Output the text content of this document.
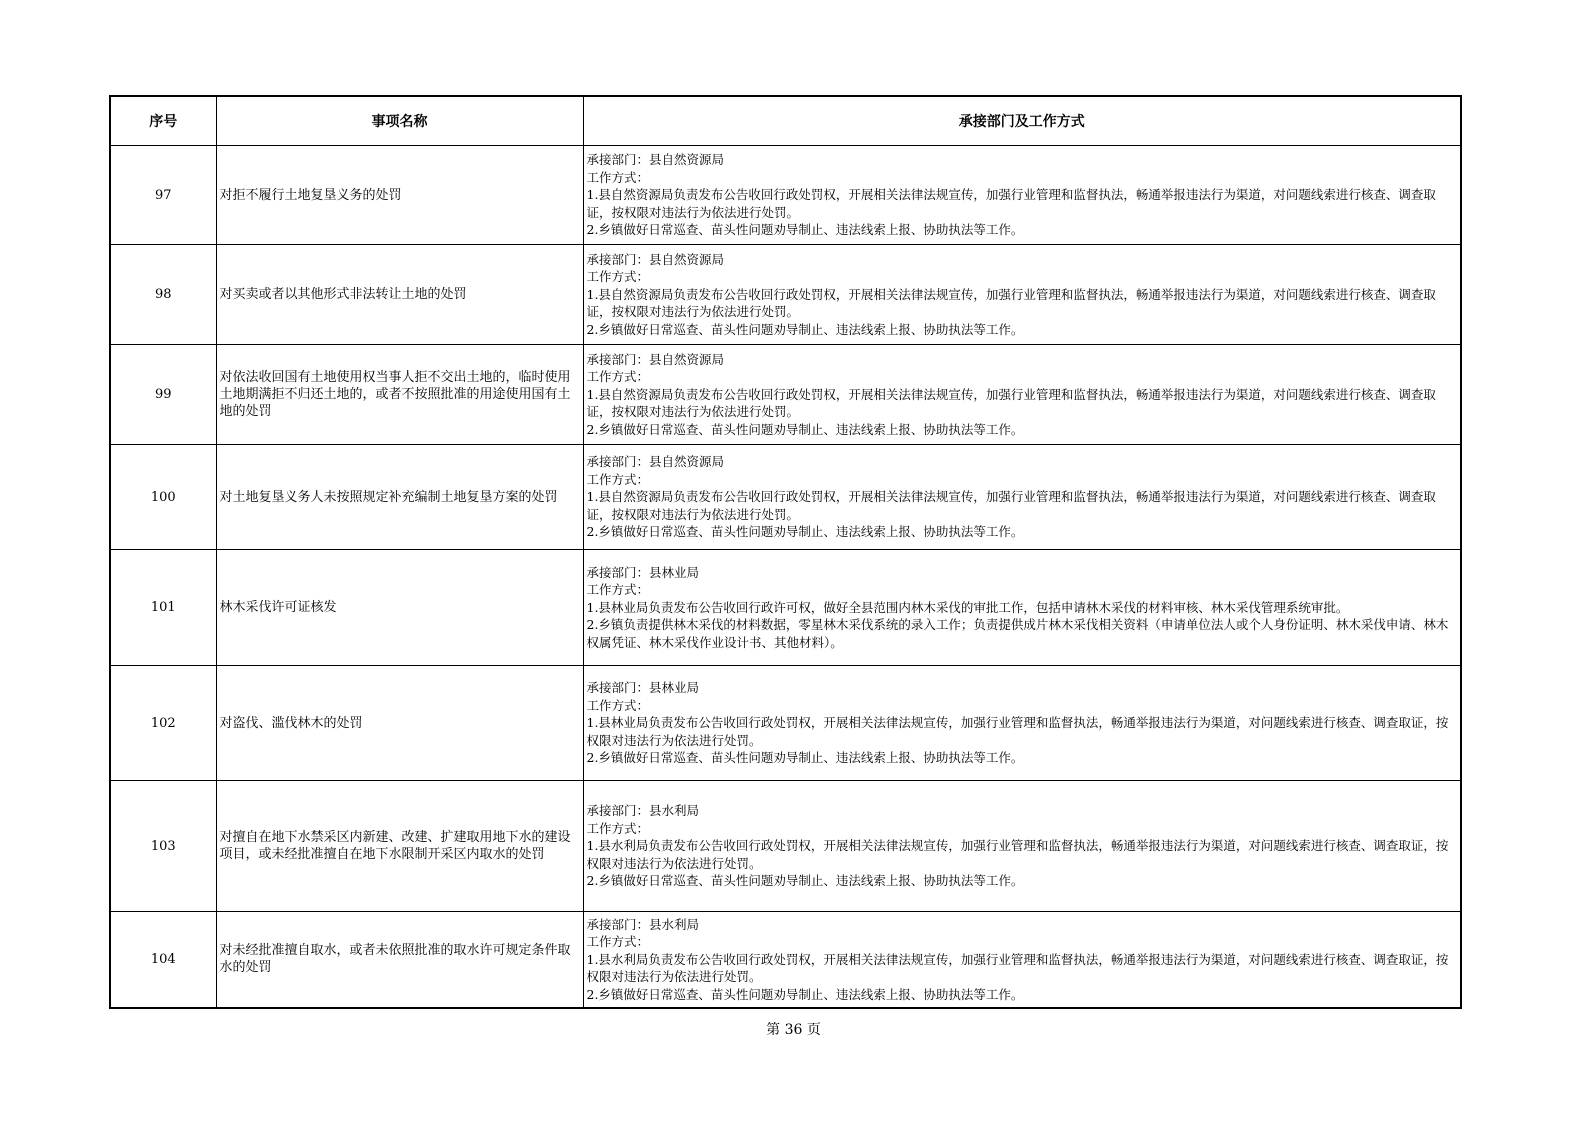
序号	事项名称	承接部门及工作方式
97	对拒不履行土地复垦义务的处罚	承接部门：县自然资源局
工作方式：
1.县自然资源局负责发布公告收回行政处罚权，开展相关法律法规宣传，加强行业管理和监督执法，畅通举报违法行为渠道，对问题线索进行核查、调查取证，按权限对违法行为依法进行处罚。
2.乡镇做好日常巡查、苗头性问题劝导制止、违法线索上报、协助执法等工作。

98	对买卖或者以其他形式非法转让土地的处罚	承接部门：县自然资源局
工作方式：
1.县自然资源局负责发布公告收回行政处罚权，开展相关法律法规宣传，加强行业管理和监督执法，畅通举报违法行为渠道，对问题线索进行核查、调查取证，按权限对违法行为依法进行处罚。
2.乡镇做好日常巡查、苗头性问题劝导制止、违法线索上报、协助执法等工作。

99	对依法收回国有土地使用权当事人拒不交出土地的，临时使用土地期满拒不归还土地的，或者不按照批准的用途使用国有土地的处罚	承接部门：县自然资源局
工作方式：
1.县自然资源局负责发布公告收回行政处罚权，开展相关法律法规宣传，加强行业管理和监督执法，畅通举报违法行为渠道，对问题线索进行核查、调查取证，按权限对违法行为依法进行处罚。
2.乡镇做好日常巡查、苗头性问题劝导制止、违法线索上报、协助执法等工作。

100	对土地复垦义务人未按照规定补充编制土地复垦方案的处罚	承接部门：县自然资源局
工作方式：
1.县自然资源局负责发布公告收回行政处罚权，开展相关法律法规宣传，加强行业管理和监督执法，畅通举报违法行为渠道，对问题线索进行核查、调查取证，按权限对违法行为依法进行处罚。
2.乡镇做好日常巡查、苗头性问题劝导制止、违法线索上报、协助执法等工作。

101	林木采伐许可证核发	承接部门：县林业局
工作方式：
1.县林业局负责发布公告收回行政许可权，做好全县范围内林木采伐的审批工作，包括申请林木采伐的材料审核、林木采伐管理系统审批。
2.乡镇负责提供林木采伐的材料数据，零星林木采伐系统的录入工作；负责提供成片林木采伐相关资料（申请单位法人或个人身份证明、林木采伐申请、林木权属凭证、林木采伐作业设计书、其他材料）。

102	对盗伐、滥伐林木的处罚	承接部门：县林业局
工作方式：
1.县林业局负责发布公告收回行政处罚权，开展相关法律法规宣传，加强行业管理和监督执法，畅通举报违法行为渠道，对问题线索进行核查、调查取证，按权限对违法行为依法进行处罚。
2.乡镇做好日常巡查、苗头性问题劝导制止、违法线索上报、协助执法等工作。

103	对擅自在地下水禁采区内新建、改建、扩建取用地下水的建设项目，或未经批准擅自在地下水限制开采区内取水的处罚	承接部门：县水利局
工作方式：
1.县水利局负责发布公告收回行政处罚权，开展相关法律法规宣传，加强行业管理和监督执法，畅通举报违法行为渠道，对问题线索进行核查、调查取证，按权限对违法行为依法进行处罚。
2.乡镇做好日常巡查、苗头性问题劝导制止、违法线索上报、协助执法等工作。

104	对未经批准擅自取水，或者未依照批准的取水许可规定条件取水的处罚	承接部门：县水利局
工作方式：
1.县水利局负责发布公告收回行政处罚权，开展相关法律法规宣传，加强行业管理和监督执法，畅通举报违法行为渠道，对问题线索进行核查、调查取证，按权限对违法行为依法进行处罚。
2.乡镇做好日常巡查、苗头性问题劝导制止、违法线索上报、协助执法等工作。
第 36 页
